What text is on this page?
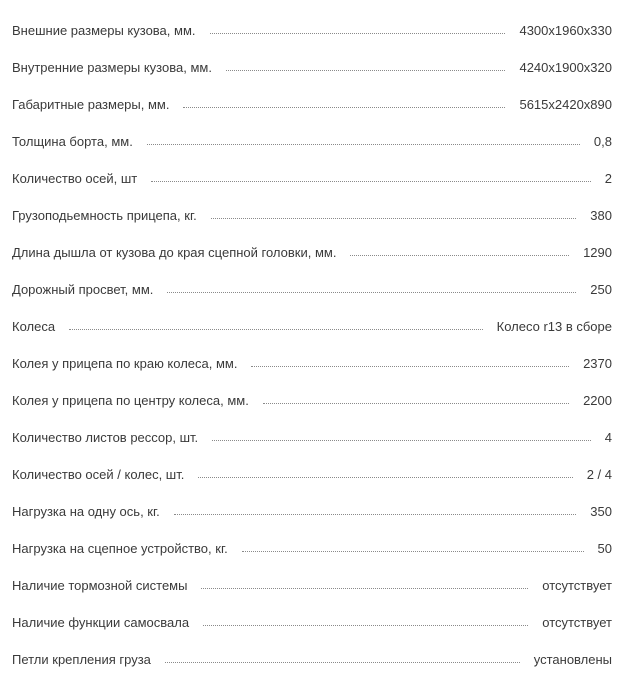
Внешние размеры кузова, мм.	4300x1960x330
Внутренние размеры кузова, мм.	4240x1900x320
Габаритные размеры, мм.	5615x2420x890
Толщина борта, мм.	0,8
Количество осей, шт	2
Грузоподьемность прицепа, кг.	380
Длина дышла от кузова до края сцепной головки, мм.	1290
Дорожный просвет, мм.	250
Колеса	Колесо r13 в сборе
Колея у прицепа по краю колеса, мм.	2370
Колея у прицепа по центру колеса, мм.	2200
Количество листов рессор, шт.	4
Количество осей / колес, шт.	2 / 4
Нагрузка на одну ось, кг.	350
Нагрузка на сцепное устройство, кг.	50
Наличие тормозной системы	отсутствует
Наличие функции самосвала	отсутствует
Петли крепления груза	установлены
